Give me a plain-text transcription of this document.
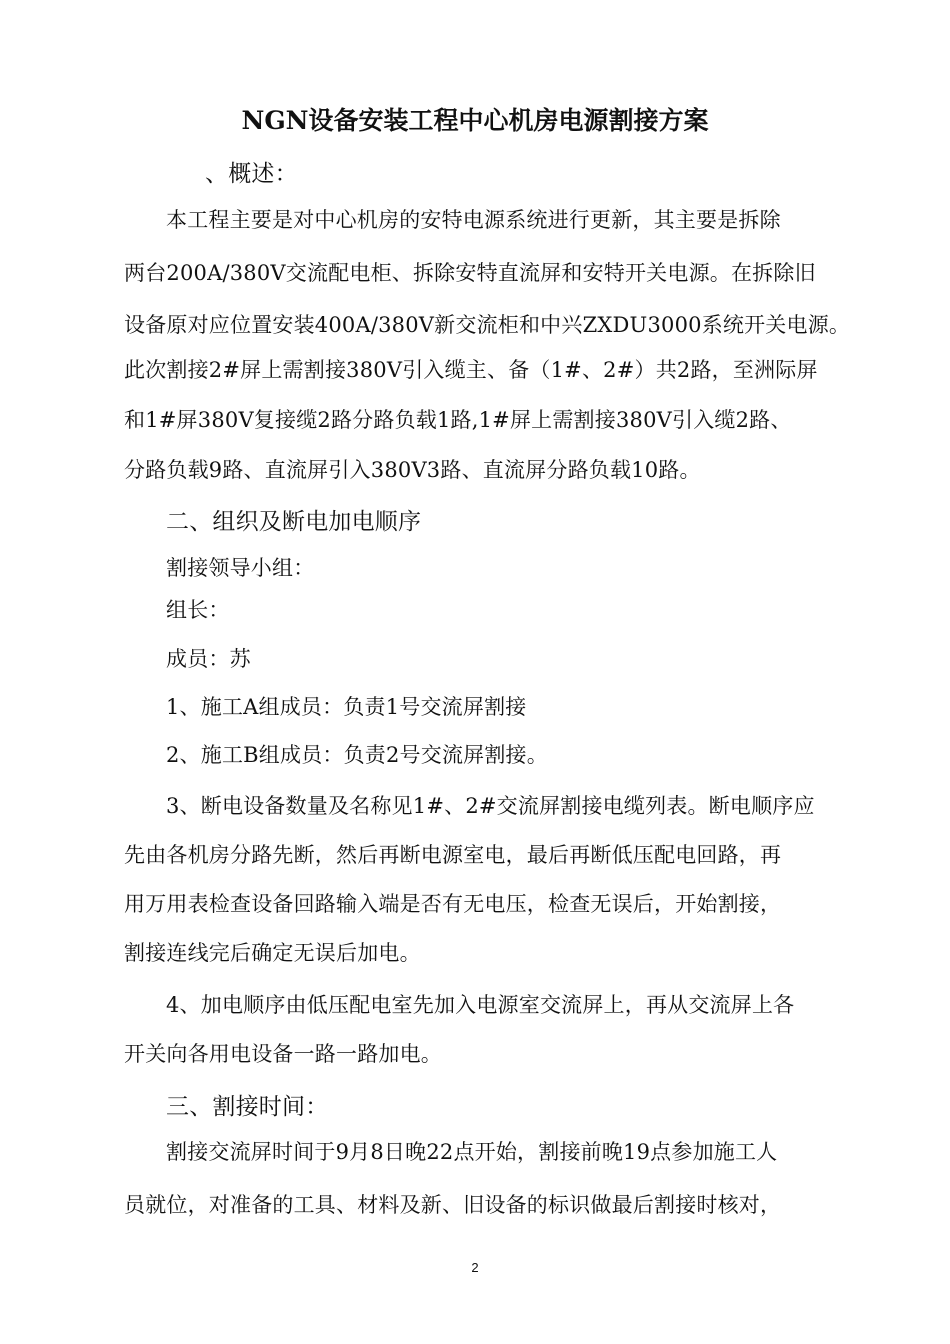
NGN设备安装工程中心机房电源割接方案
、概述：
本工程主要是对中心机房的安特电源系统进行更新，其主要是拆除
两台200A/380V交流配电柜、拆除安特直流屏和安特开关电源。在拆除旧
设备原对应位置安装400A/380V新交流柜和中兴ZXDU3000系统开关电源。
此次割接2#屏上需割接380V引入缆主、备（1#、2#）共2路，至洲际屏
和1#屏380V复接缆2路分路负载1路,1#屏上需割接380V引入缆2路、
分路负载9路、直流屏引入380V3路、直流屏分路负载10路。
二、组织及断电加电顺序
割接领导小组：
组长：
成员：苏
1、施工A组成员：负责1号交流屏割接
2、施工B组成员：负责2号交流屏割接。
3、断电设备数量及名称见1#、2#交流屏割接电缆列表。断电顺序应
先由各机房分路先断，然后再断电源室电，最后再断低压配电回路，再
用万用表检查设备回路输入端是否有无电压，检查无误后，开始割接，
割接连线完后确定无误后加电。
4、加电顺序由低压配电室先加入电源室交流屏上，再从交流屏上各
开关向各用电设备一路一路加电。
三、割接时间：
割接交流屏时间于9月8日晚22点开始，割接前晚19点参加施工人
员就位，对准备的工具、材料及新、旧设备的标识做最后割接时核对，
2
